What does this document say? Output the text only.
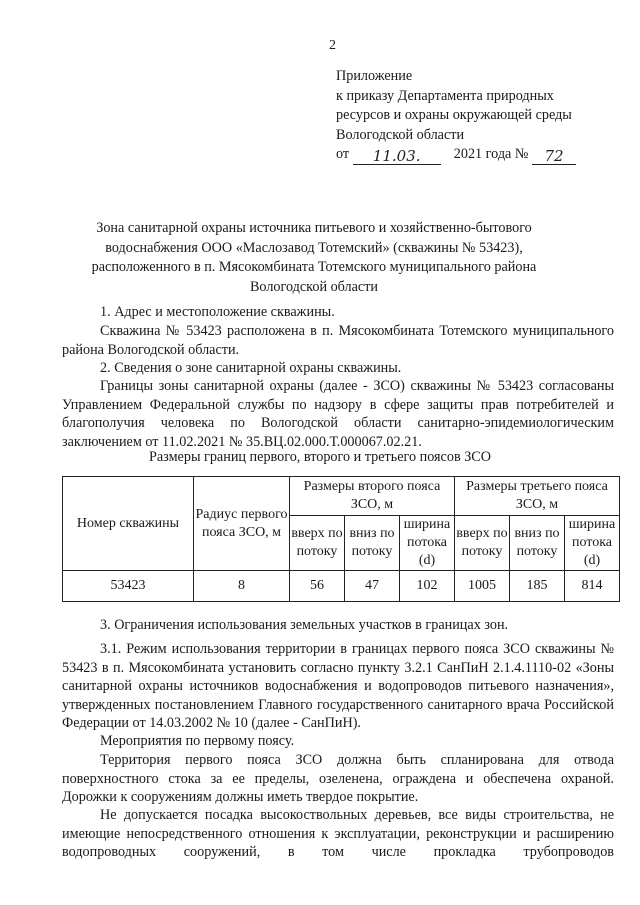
2
Приложение
к приказу Департамента природных
ресурсов и охраны окружающей среды
Вологодской области
от 11.03. 2021 года № 72
Зона санитарной охраны источника питьевого и хозяйственно-бытового
водоснабжения ООО «Маслозавод Тотемский» (скважины № 53423),
расположенного в п. Мясокомбината Тотемского муниципального района
Вологодской области
1. Адрес и местоположение скважины.
Скважина № 53423 расположена в п. Мясокомбината Тотемского муниципального района Вологодской области.
2. Сведения о зоне санитарной охраны скважины.
Границы зоны санитарной охраны (далее - ЗСО) скважины № 53423 согласованы Управлением Федеральной службы по надзору в сфере защиты прав потребителей и благополучия человека по Вологодской области санитарно-эпидемиологическим заключением от 11.02.2021 № 35.ВЦ.02.000.Т.000067.02.21.
Размеры границ первого, второго и третьего поясов ЗСО
Номер скважины	Радиус первого пояса ЗСО, м	Размеры второго пояса ЗСО, м			Размеры третьего пояса ЗСО, м		
		вверх по потоку	вниз по потоку	ширина потока (d)	вверх по потоку	вниз по потоку	ширина потока (d)
53423	8	56	47	102	1005	185	814
3. Ограничения использования земельных участков в границах зон.
3.1. Режим использования территории в границах первого пояса ЗСО скважины № 53423 в п. Мясокомбината установить согласно пункту 3.2.1 СанПиН 2.1.4.1110-02 «Зоны санитарной охраны источников водоснабжения и водопроводов питьевого назначения», утвержденных постановлением Главного государственного санитарного врача Российской Федерации от 14.03.2002 № 10 (далее - СанПиН).
Мероприятия по первому поясу.
Территория первого пояса ЗСО должна быть спланирована для отвода поверхностного стока за ее пределы, озеленена, ограждена и обеспечена охраной. Дорожки к сооружениям должны иметь твердое покрытие.
Не допускается посадка высокоствольных деревьев, все виды строительства, не имеющие непосредственного отношения к эксплуатации, реконструкции и расширению водопроводных сооружений, в том числе прокладка трубопроводов
